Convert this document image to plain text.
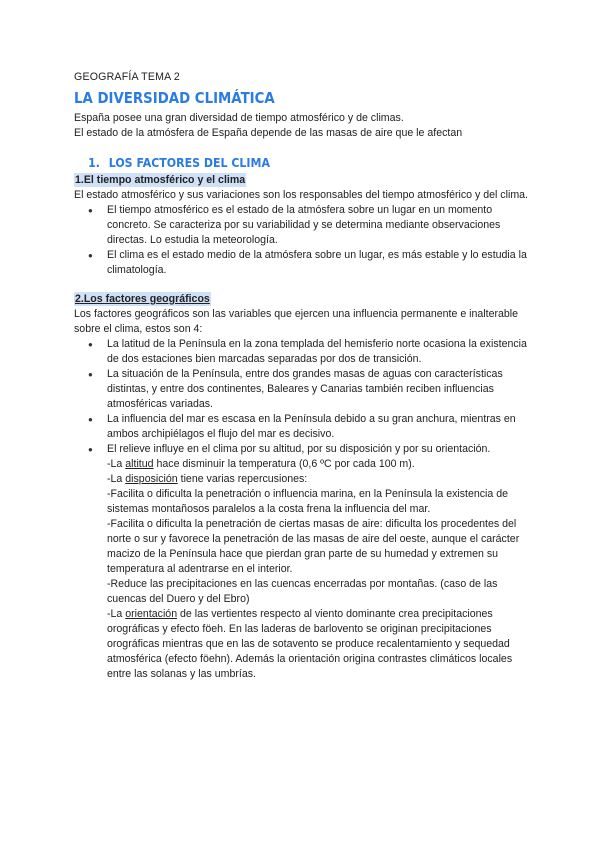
GEOGRAFÍA TEMA 2

LA DIVERSIDAD CLIMÁTICA

España posee una gran diversidad de tiempo atmosférico y de climas.

El estado de la atmósfera de España depende de las masas de aire que le afectan

1. LOS FACTORES DEL CLIMA
1.El tiempo atmosférico y el clima

El estado atmosférico y sus variaciones son los responsables del tiempo atmosférico y del clima.

● El tiempo atmosférico es el estado de la atmósfera sobre un lugar en un momento concreto. Se caracteriza por su variabilidad y se determina mediante observaciones directas. Lo estudia la meteorología.
● El clima es el estado medio de la atmósfera sobre un lugar, es más estable y lo estudia la climatología.
2.Los factores geográficos

Los factores geográficos son las variables que ejercen una influencia permanente e inalterable sobre el clima, estos son 4:

● La latitud de la Península en la zona templada del hemisferio norte ocasiona la existencia de dos estaciones bien marcadas separadas por dos de transición.
● La situación de la Península, entre dos grandes masas de aguas con características distintas, y entre dos continentes, Baleares y Canarias también reciben influencias atmosféricas variadas.
● La influencia del mar es escasa en la Península debido a su gran anchura, mientras en ambos archipiélagos el flujo del mar es decisivo.
● El relieve influye en el clima por su altitud, por su disposición y por su orientación.
-La altitud hace disminuir la temperatura (0,6 ºC por cada 100 m).
-La disposición tiene varias repercusiones:
-Facilita o dificulta la penetración o influencia marina, en la Península la existencia de sistemas montañosos paralelos a la costa frena la influencia del mar.
-Facilita o dificulta la penetración de ciertas masas de aire: dificulta los procedentes del norte o sur y favorece la penetración de las masas de aire del oeste, aunque el carácter macizo de la Península hace que pierdan gran parte de su humedad y extremen su temperatura al adentrarse en el interior.
-Reduce las precipitaciones en las cuencas encerradas por montañas. (caso de las cuencas del Duero y del Ebro)
-La orientación de las vertientes respecto al viento dominante crea precipitaciones orográficas y efecto föeh. En las laderas de barlovento se originan precipitaciones orográficas mientras que en las de sotavento se produce recalentamiento y sequedad atmosférica (efecto föehn). Además la orientación origina contrastes climáticos locales entre las solanas y las umbrías.
